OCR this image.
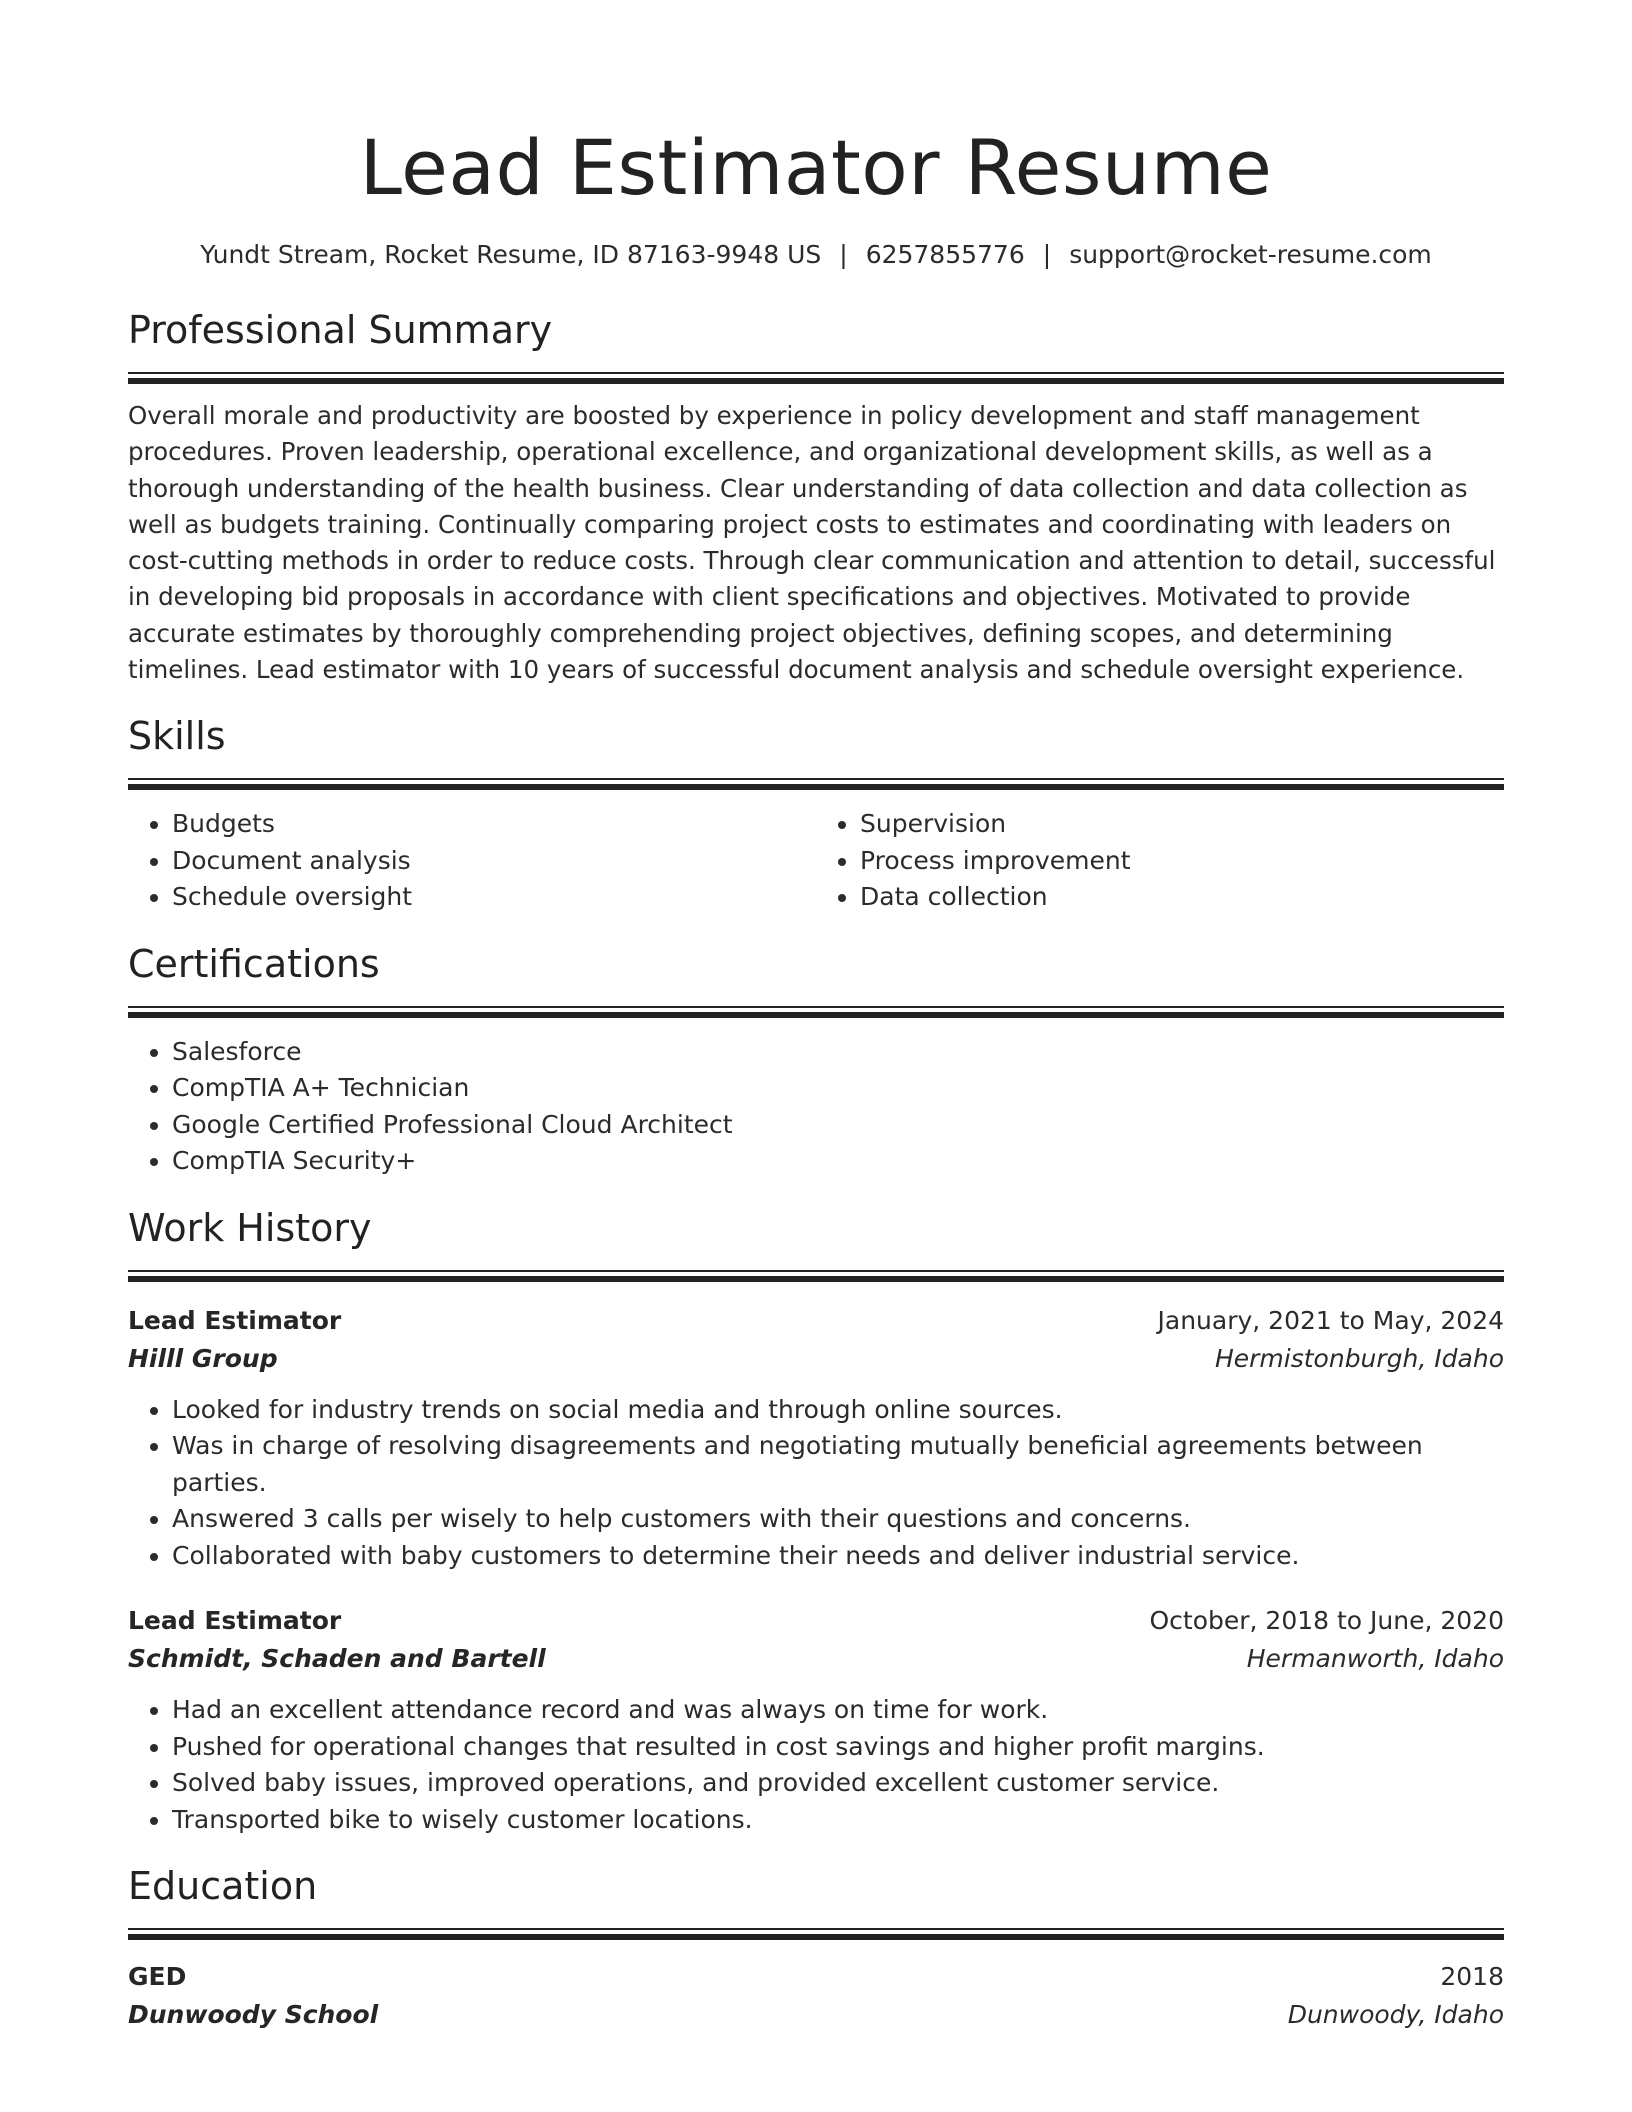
Lead Estimator Resume
Yundt Stream, Rocket Resume, ID 87163-9948 US | 6257855776 | support@rocket-resume.com
Professional Summary

Overall morale and productivity are boosted by experience in policy development and staff management procedures. Proven leadership, operational excellence, and organizational development skills, as well as a thorough understanding of the health business. Clear understanding of data collection and data collection as well as budgets training. Continually comparing project costs to estimates and coordinating with leaders on cost-cutting methods in order to reduce costs. Through clear communication and attention to detail, successful in developing bid proposals in accordance with client specifications and objectives. Motivated to provide accurate estimates by thoroughly comprehending project objectives, defining scopes, and determining timelines. Lead estimator with 10 years of successful document analysis and schedule oversight experience.

Skills
• Budgets
• Document analysis
• Schedule oversight
• Supervision
• Process improvement
• Data collection
Certifications
• Salesforce
• CompTIA A+ Technician
• Google Certified Professional Cloud Architect
• CompTIA Security+
Work History
Lead Estimator	January, 2021 to May, 2024
Hilll Group	Hermistonburgh, Idaho
• Looked for industry trends on social media and through online sources.
• Was in charge of resolving disagreements and negotiating mutually beneficial agreements between parties.
• Answered 3 calls per wisely to help customers with their questions and concerns.
• Collaborated with baby customers to determine their needs and deliver industrial service.
Lead Estimator	October, 2018 to June, 2020
Schmidt, Schaden and Bartell	Hermanworth, Idaho
• Had an excellent attendance record and was always on time for work.
• Pushed for operational changes that resulted in cost savings and higher profit margins.
• Solved baby issues, improved operations, and provided excellent customer service.
• Transported bike to wisely customer locations.
Education
GED	2018
Dunwoody School	Dunwoody, Idaho
